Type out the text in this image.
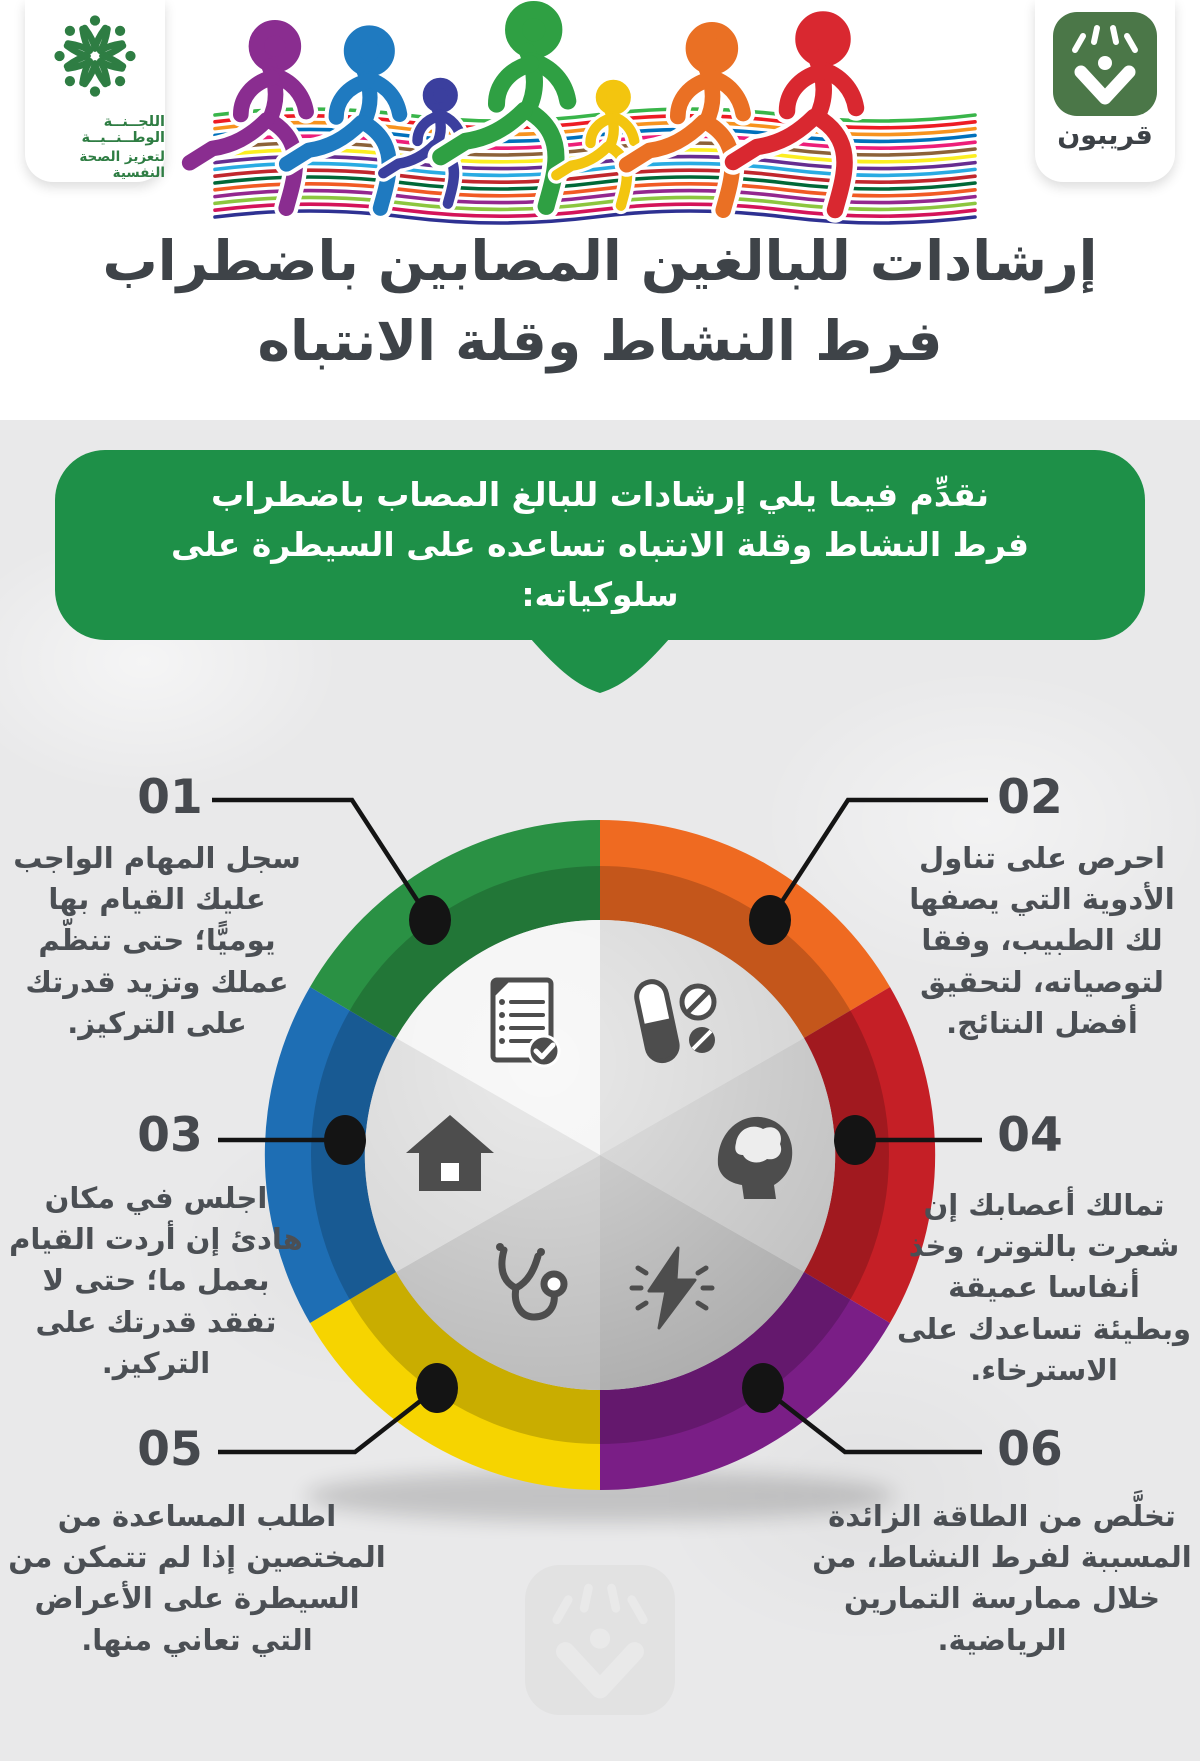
اللجــنــة الوطــنــيــة
لتعزيز الصحة النفسية
قريبون
إرشادات للبالغين المصابين باضطراب
فرط النشاط وقلة الانتباه
نقدِّم فيما يلي إرشادات للبالغ المصاب باضطراب فرط النشاط وقلة الانتباه تساعده على السيطرة على سلوكياته:
01
سجل المهام الواجب عليك القيام بها يوميًّا؛ حتى تنظّم عملك وتزيد قدرتك على التركيز.
02
احرص على تناول الأدوية التي يصفها لك الطبيب، وفقا لتوصياته، لتحقيق أفضل النتائج.
03
اجلس في مكان هادئ إن أردت القيام بعمل ما؛ حتى لا تفقد قدرتك على التركيز.
04
تمالك أعصابك إن شعرت بالتوتر، وخذ أنفاسا عميقة وبطيئة تساعدك على الاسترخاء.
05
اطلب المساعدة من المختصين إذا لم تتمكن من السيطرة على الأعراض التي تعاني منها.
06
تخلَّص من الطاقة الزائدة المسببة لفرط النشاط، من خلال ممارسة التمارين الرياضية.
